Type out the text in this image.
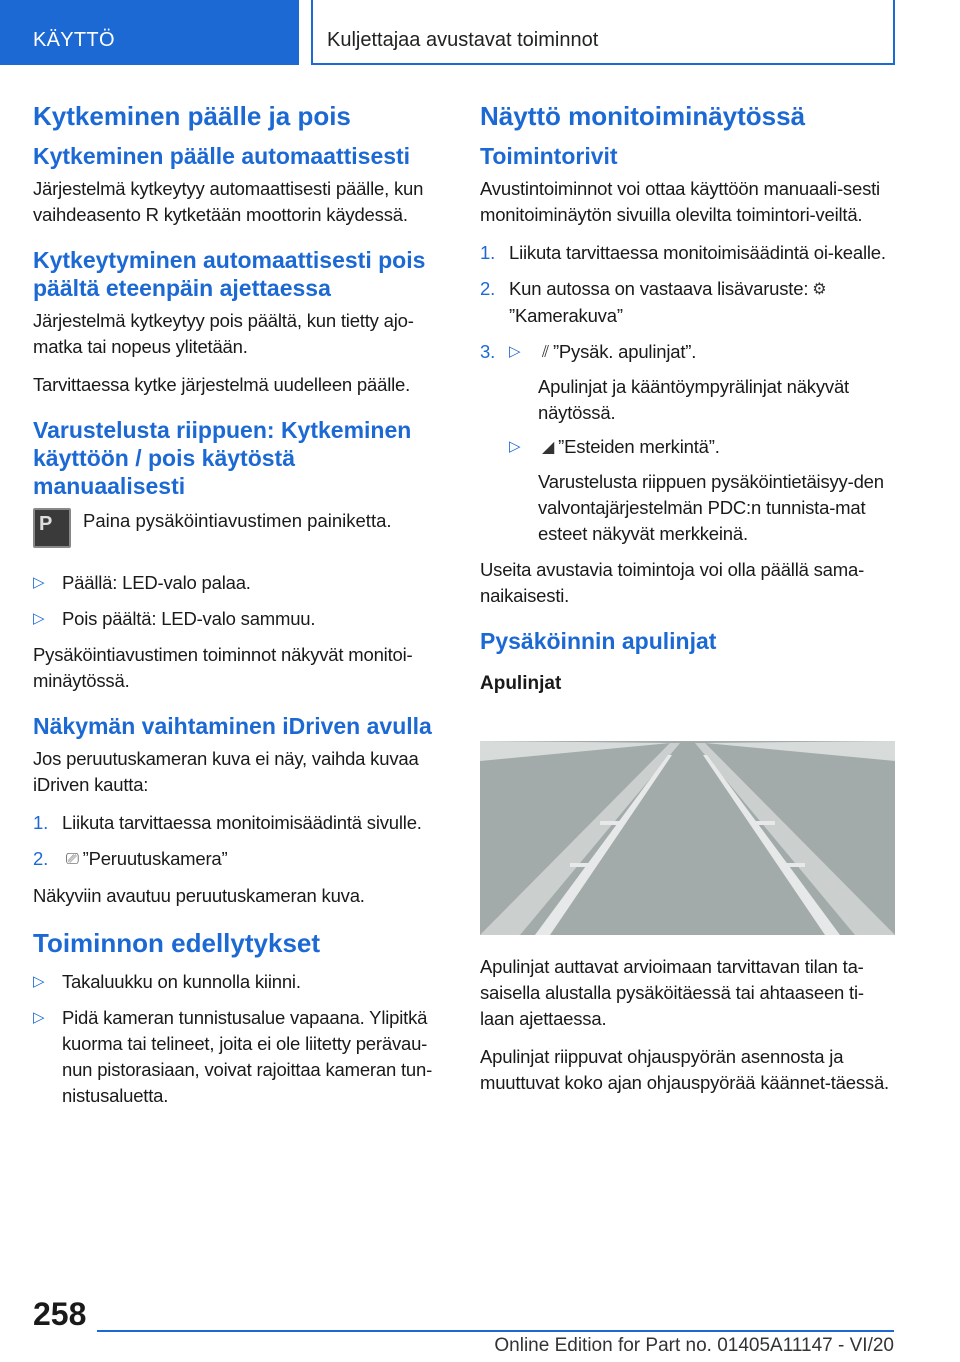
KÄYTTÖ	Kuljettajaa avustavat toiminnot
Kytkeminen päälle ja pois
Kytkeminen päälle automaattisesti

Järjestelmä kytkeytyy automaattisesti päälle, kun vaihdeasento R kytketään moottorin käydessä.

Kytkeytyminen automaattisesti pois päältä eteenpäin ajettaessa

Järjestelmä kytkeytyy pois päältä, kun tietty ajo-matka tai nopeus ylitetään.

Tarvittaessa kytke järjestelmä uudelleen päälle.

Varustelusta riippuen: Kytkeminen käyttöön / pois käytöstä manuaalisesti
P	Paina pysäköintiavustimen painiketta.
▷ Päällä: LED-valo palaa.
▷ Pois päältä: LED-valo sammuu.

Pysäköintiavustimen toiminnot näkyvät monitoi-minäytössä.

Näkymän vaihtaminen iDriven avulla

Jos peruutuskameran kuva ei näy, vaihda kuvaa iDriven kautta:

1. Liikuta tarvittaessa monitoimisäädintä sivulle.
2. ⎚ ”Peruutuskamera”

Näkyviin avautuu peruutuskameran kuva.

Toiminnon edellytykset
▷ Takaluukku on kunnolla kiinni.
▷ Pidä kameran tunnistusalue vapaana. Ylipitkä kuorma tai telineet, joita ei ole liitetty perävau-nun pistorasiaan, voivat rajoittaa kameran tun-nistusaluetta.
Näyttö monitoiminäytössä
Toimintorivit

Avustintoiminnot voi ottaa käyttöön manuaali-sesti monitoiminäytön sivuilla olevilta toimintori-veiltä.

1. Liikuta tarvittaessa monitoimisäädintä oi-kealle.
2. Kun autossa on vastaava lisävaruste: ⚙
”Kamerakuva”
3. ▷ ⫽ ”Pysäk. apulinjat”.
Apulinjat ja kääntöympyrälinjat näkyvät näytössä.
▷ ◢ ”Esteiden merkintä”.
Varustelusta riippuen pysäköintietäisyy-den valvontajärjestelmän PDC:n tunnista-mat esteet näkyvät merkkeinä.

Useita avustavia toimintoja voi olla päällä sama-naikaisesti.

Pysäköinnin apulinjat
Apulinjat

Apulinjat auttavat arvioimaan tarvittavan tilan ta-saisella alustalla pysäköitäessä tai ahtaaseen ti-laan ajettaessa.

Apulinjat riippuvat ohjauspyörän asennosta ja muuttuvat koko ajan ohjauspyörää käännet-täessä.

258
Online Edition for Part no. 01405A11147 - VI/20
